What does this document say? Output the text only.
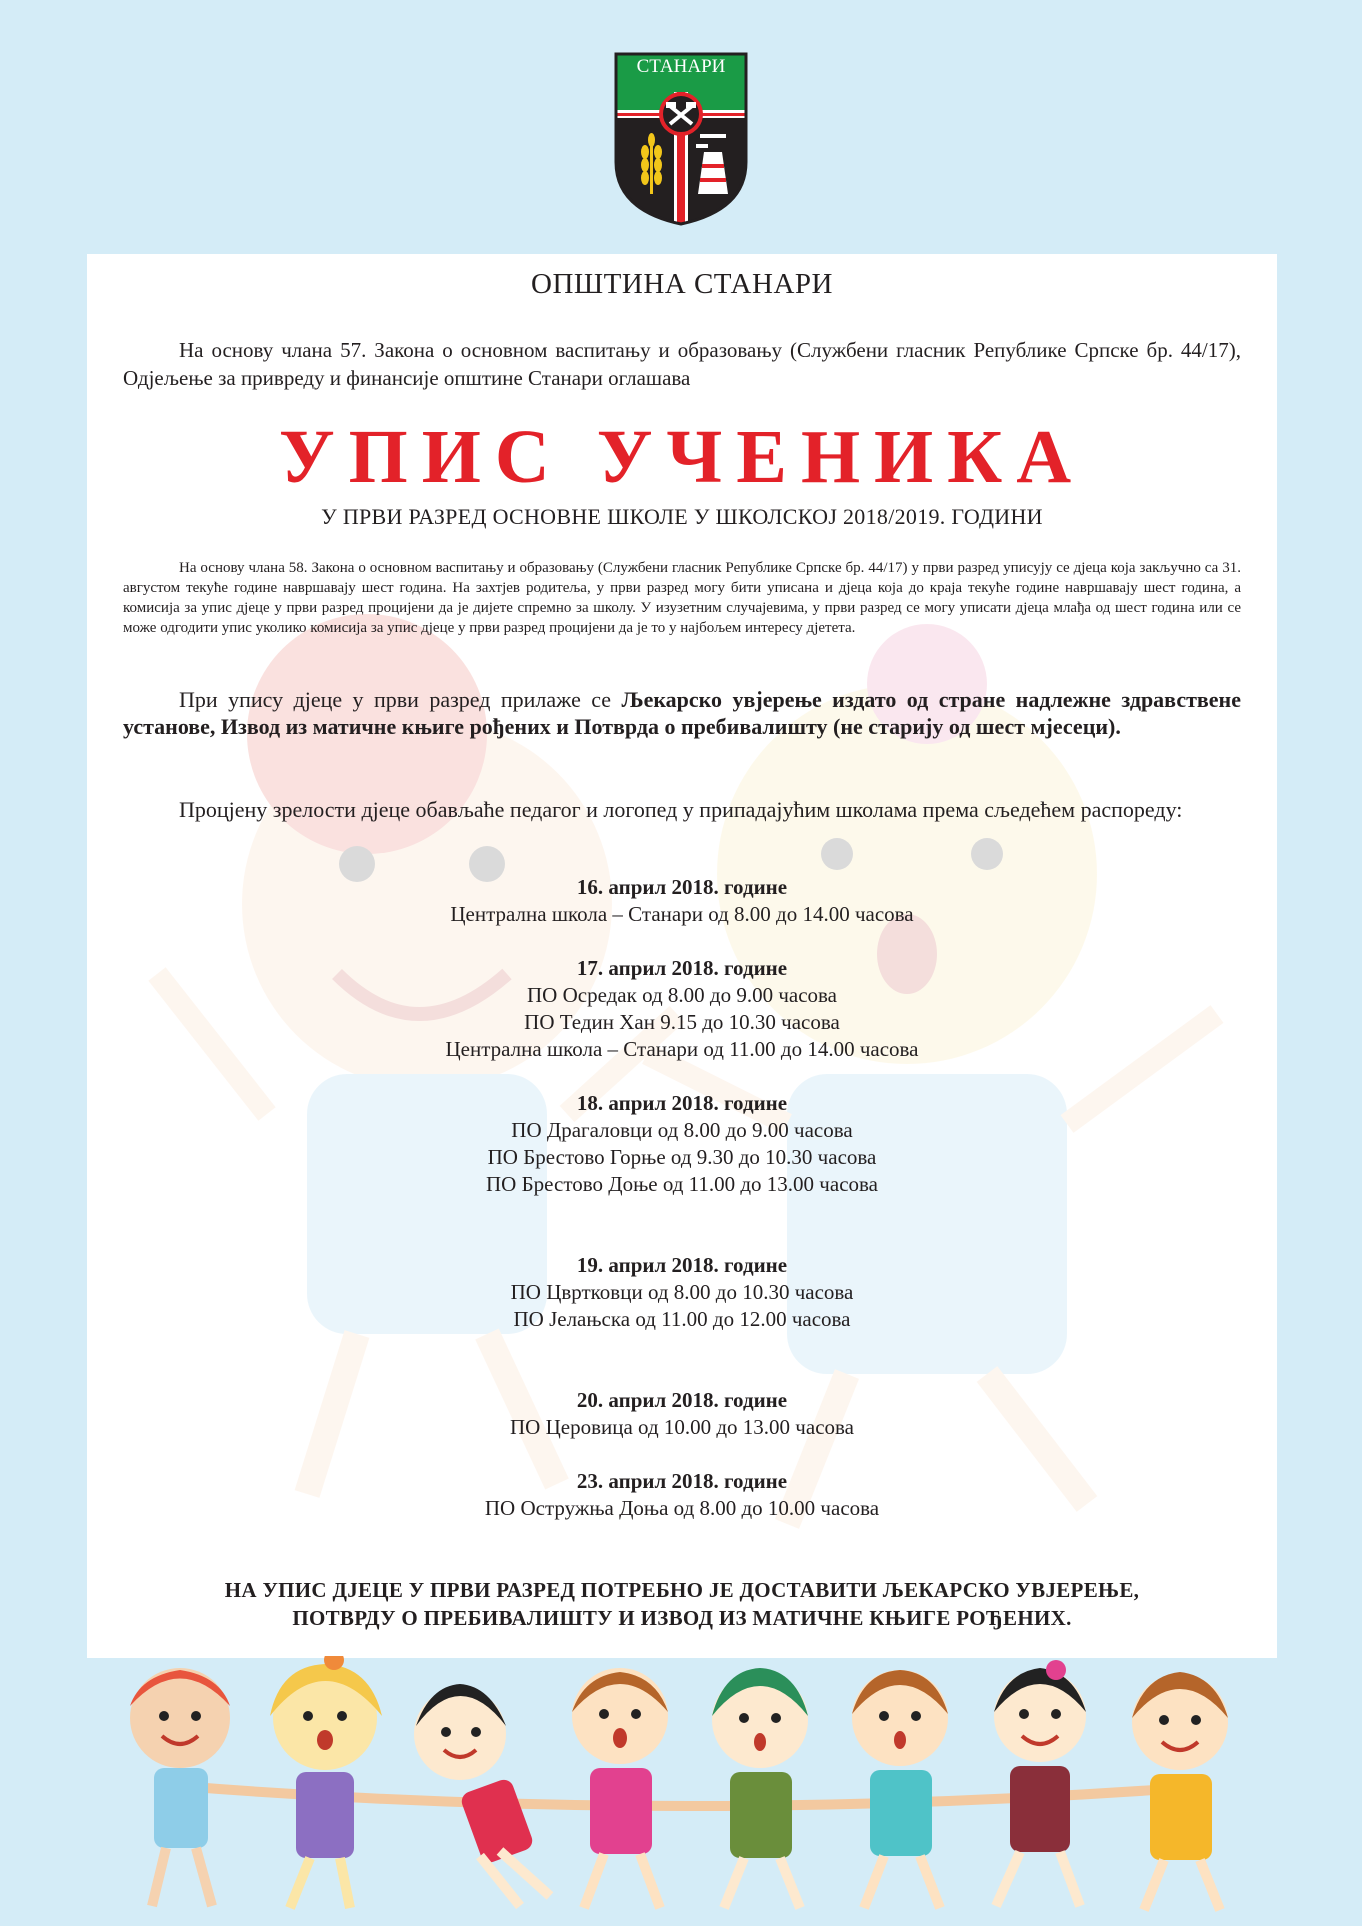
СТАНАРИ
ОПШТИНА СТАНАРИ
На основу члана 57. Закона о основном васпитању и образовању (Службени гласник Републике Српске бр. 44/17), Одјељење за привреду и финансије општине Станари оглашава
УПИС УЧЕНИКА
У ПРВИ РАЗРЕД ОСНОВНЕ ШКОЛЕ У ШКОЛСКОЈ 2018/2019. ГОДИНИ
На основу члана 58. Закона о основном васпитању и образовању (Службени гласник Републике Српске бр. 44/17) у први разред уписују се дјеца која закључно са 31. августом текуће године навршавају шест година. На захтјев родитеља, у први разред могу бити уписана и дјеца која до краја текуће године навршавају шест година, а комисија за упис дјеце у први разред процијени да је дијете спремно за школу. У изузетним случајевима, у први разред се могу уписати дјеца млађа од шест година или се може одгодити упис уколико комисија за упис дјеце у први разред процијени да је то у најбољем интересу дјетета.
При упису дјеце у први разред прилаже се Љекарско увјерење издато од стране надлежне здравствене установе, Извод из матичне књиге рођених и Потврда о пребивалишту (не старију од шест мјесеци).
Процјену зрелости дјеце обавља​ће педагог и логопед у припадајућим школама према сљедећем распореду:
16. април 2018. године
Централна школа – Станари од 8.00 до 14.00 часова
17. април 2018. године
ПО Осредак од 8.00 до 9.00 часова
ПО Тедин Хан 9.15 до 10.30 часова
Централна школа – Станари од 11.00 до 14.00 часова
18. април 2018. године
ПО Драгаловци од 8.00 до 9.00 часова
ПО Брестово Горње од 9.30 до 10.30 часова
ПО Брестово Доње од 11.00 до 13.00 часова
19. април 2018. године
ПО Цвртковци од 8.00 до 10.30 часова
ПО Јелањска од 11.00 до 12.00 часова
20. април 2018. године
ПО Церовица од 10.00 до 13.00 часова
23. април 2018. године
ПО Остружња Доња од 8.00 до 10.00 часова
НА УПИС ДЈЕЦЕ У ПРВИ РАЗРЕД ПОТРЕБНО ЈЕ ДОСТАВИТИ ЉЕКАРСКО УВЈЕРЕЊЕ,
ПОТВРДУ О ПРЕБИВАЛИШТУ И ИЗВОД ИЗ МАТИЧНЕ КЊИГЕ РОЂЕНИХ.
